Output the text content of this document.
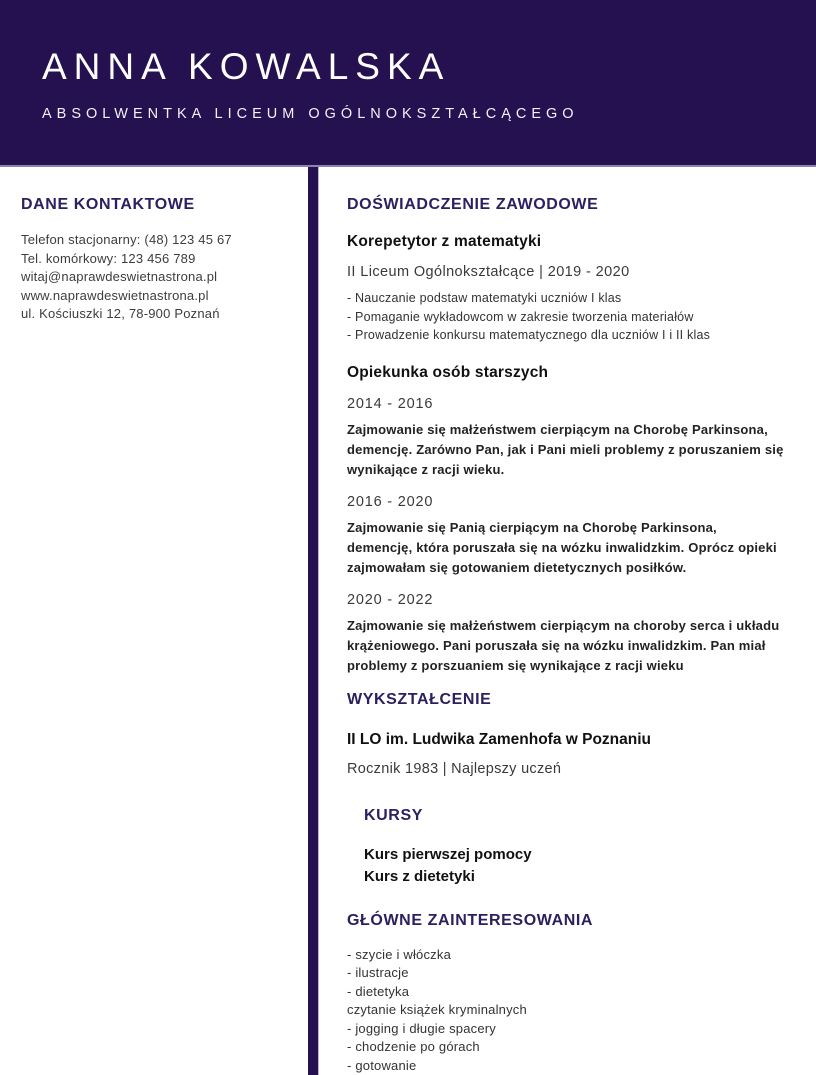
ANNA KOWALSKA
ABSOLWENTKA LICEUM OGÓLNOKSZTAŁCĄCEGO
DANE KONTAKTOWE
Telefon stacjonarny: (48) 123 45 67
Tel. komórkowy: 123 456 789
witaj@naprawdeswietnastrona.pl
www.naprawdeswietnastrona.pl
ul. Kościuszki 12, 78-900 Poznań
DOŚWIADCZENIE ZAWODOWE
Korepetytor z matematyki
II Liceum Ogólnokształcące | 2019 - 2020
- Nauczanie podstaw matematyki uczniów I klas
- Pomaganie wykładowcom w zakresie tworzenia materiałów
- Prowadzenie konkursu matematycznego dla uczniów I i II klas
Opiekunka osób starszych
2014 - 2016
Zajmowanie się małżeństwem cierpiącym na Chorobę Parkinsona, demencję. Zarówno Pan, jak i Pani mieli problemy z poruszaniem się wynikające z racji wieku.
2016 - 2020
Zajmowanie się Panią cierpiącym na Chorobę Parkinsona, demencję, która poruszała się na wózku inwalidzkim. Oprócz opieki zajmowałam się gotowaniem dietetycznych posiłków.
2020 - 2022
Zajmowanie się małżeństwem cierpiącym na choroby serca i układu krążeniowego. Pani poruszała się na wózku inwalidzkim. Pan miał problemy z porszuaniem się wynikające z racji wieku
WYKSZTAŁCENIE
II LO im. Ludwika Zamenhofa w Poznaniu
Rocznik 1983 | Najlepszy uczeń
KURSY
Kurs pierwszej pomocy
Kurs z dietetyki
GŁÓWNE ZAINTERESOWANIA
- szycie i włóczka
- ilustracje
- dietetyka
czytanie książek kryminalnych
- jogging i długie spacery
- chodzenie po górach
- gotowanie
